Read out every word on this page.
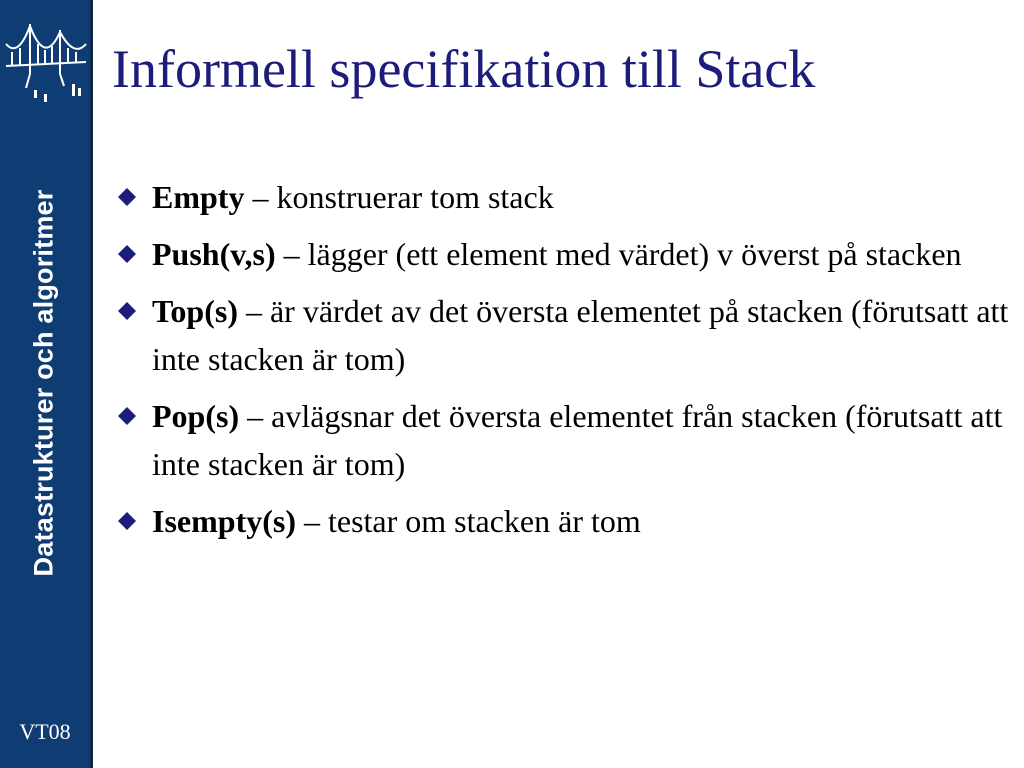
Datastrukturer och algoritmer
VT08
Informell specifikation till Stack
Empty – konstruerar tom stack
Push(v,s) – lägger (ett element med värdet) v överst på stacken
Top(s) – är värdet av det översta elementet på stacken (förutsatt att inte stacken är tom)
Pop(s) – avlägsnar det översta elementet från stacken (förutsatt att inte stacken är tom)
Isempty(s) – testar om stacken är tom
